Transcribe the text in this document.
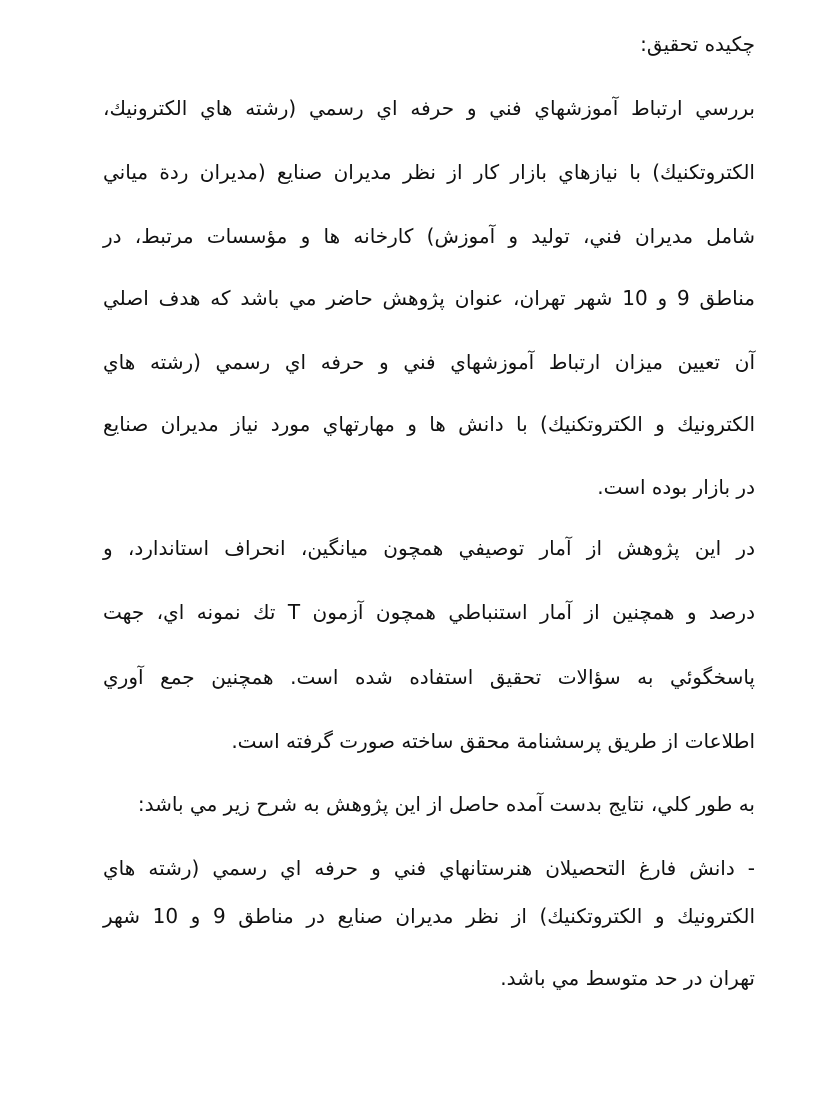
چکيده تحقيق:
بررسي ارتباط آموزشهاي فني و حرفه اي رسمي (رشته هاي الكترونيك،
الكتروتكنيك) با نيازهاي بازار كار از نظر مديران صنايع (مديران ردة مياني
شامل مديران فني، توليد و آموزش) كارخانه ها و مؤسسات مرتبط، در
مناطق 9 و 10 شهر تهران، عنوان پژوهش حاضر مي باشد كه هدف اصلي
آن تعيين ميزان ارتباط آموزشهاي فني و حرفه اي رسمي (رشته هاي
الكترونيك و الكتروتكنيك) با دانش ها و مهارتهاي مورد نياز مديران صنايع
در بازار بوده است.
در اين پژوهش از آمار توصيفي همچون ميانگين، انحراف استاندارد، و
درصد و همچنين از آمار استنباطي همچون آزمون T تك نمونه اي، جهت
پاسخگوئي به سؤالات تحقيق استفاده شده است. همچنين جمع آوري
اطلاعات از طريق پرسشنامة محقق ساخته صورت گرفته است.
به طور كلي، نتايج بدست آمده حاصل از اين پژوهش به شرح زير مي باشد:
- دانش فارغ التحصيلان هنرستانهاي فني و حرفه اي رسمي (رشته هاي
الكترونيك و الكتروتكنيك) از نظر مديران صنايع در مناطق 9 و 10 شهر
تهران در حد متوسط مي باشد.
